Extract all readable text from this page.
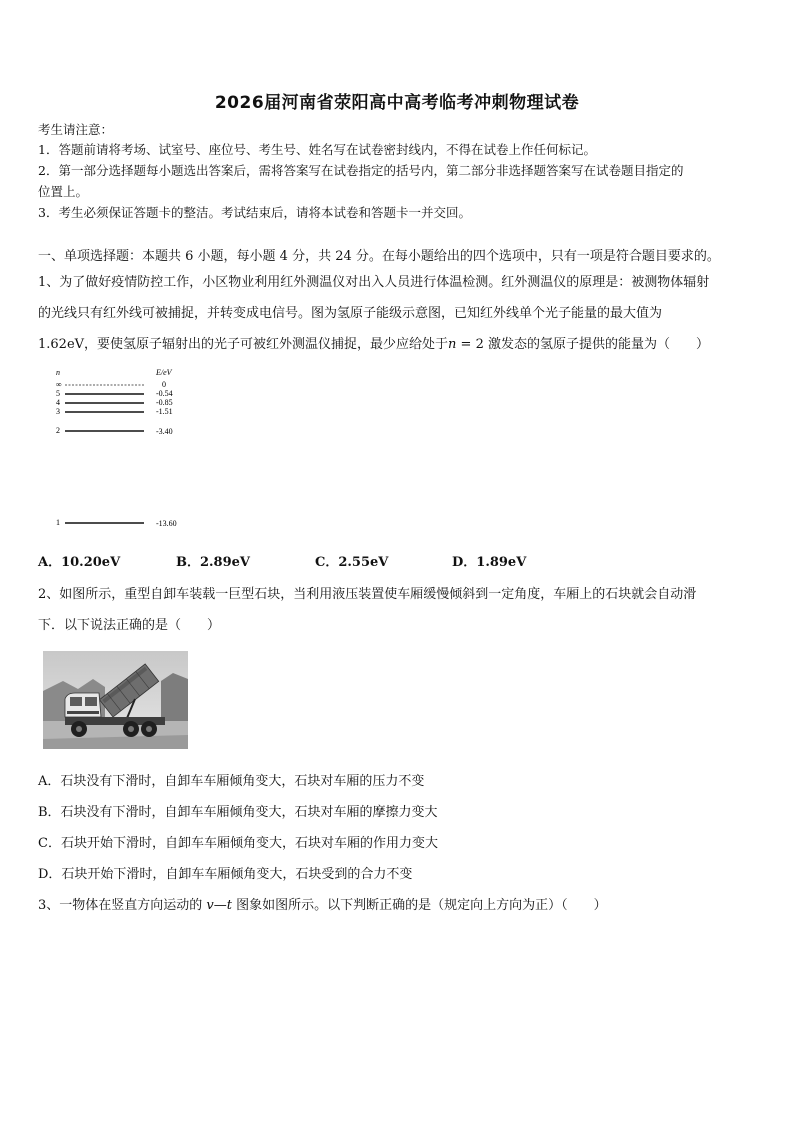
2026届河南省荥阳高中高考临考冲刺物理试卷
考生请注意：
1．答题前请将考场、试室号、座位号、考生号、姓名写在试卷密封线内，不得在试卷上作任何标记。
2．第一部分选择题每小题选出答案后，需将答案写在试卷指定的括号内，第二部分非选择题答案写在试卷题目指定的
位置上。
3．考生必须保证答题卡的整洁。考试结束后，请将本试卷和答题卡一并交回。
一、单项选择题：本题共 6 小题，每小题 4 分，共 24 分。在每小题给出的四个选项中，只有一项是符合题目要求的。
1、为了做好疫情防控工作，小区物业利用红外测温仪对出入人员进行体温检测。红外测温仪的原理是：被测物体辐射
的光线只有红外线可被捕捉，并转变成电信号。图为氢原子能级示意图，已知红外线单个光子能量的最大值为
1.62eV，要使氢原子辐射出的光子可被红外测温仪捕捉，最少应给处于n = 2 激发态的氢原子提供的能量为（　　）
n	E/eV
∞	0
5	-0.54
4	-0.85
3	-1.51
2	-3.40
1	-13.60
A．10.20eV	B．2.89eV	C．2.55eV	D．1.89eV
2、如图所示，重型自卸车装载一巨型石块，当利用液压装置使车厢缓慢倾斜到一定角度，车厢上的石块就会自动滑
下．以下说法正确的是（　　）
A．石块没有下滑时，自卸车车厢倾角变大，石块对车厢的压力不变
B．石块没有下滑时，自卸车车厢倾角变大，石块对车厢的摩擦力变大
C．石块开始下滑时，自卸车车厢倾角变大，石块对车厢的作用力变大
D．石块开始下滑时，自卸车车厢倾角变大，石块受到的合力不变
3、一物体在竖直方向运动的 v—t 图象如图所示。以下判断正确的是（规定向上方向为正）（　　）
